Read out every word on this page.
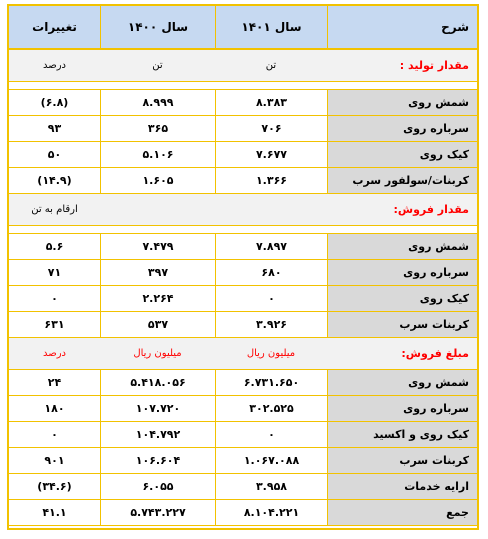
شرح	سال ۱۴۰۱	سال ۱۴۰۰	تغییرات
مقدار تولید :	تن	تن	درصد

شمش روی	۸.۳۸۳	۸.۹۹۹	(۶.۸)
سرباره روی	۷۰۶	۳۶۵	۹۳
کیک روی	۷.۶۷۷	۵.۱۰۶	۵۰
کربنات/سولفور سرب	۱.۳۶۶	۱.۶۰۵	(۱۴.۹)
مقدار فروش:			ارقام به تن

شمش روی	۷.۸۹۷	۷.۴۷۹	۵.۶
سرباره روی	۶۸۰	۳۹۷	۷۱
کیک روی	۰	۲.۲۶۴	۰
کربنات سرب	۳.۹۲۶	۵۳۷	۶۳۱
مبلغ فروش:	میلیون ریال	میلیون ریال	درصد
شمش روی	۶.۷۳۱.۶۵۰	۵.۴۱۸.۰۵۶	۲۴
سرباره روی	۳۰۲.۵۲۵	۱۰۷.۷۲۰	۱۸۰
کیک روی و اکسید	۰	۱۰۴.۷۹۲	۰
کربنات سرب	۱.۰۶۷.۰۸۸	۱۰۶.۶۰۴	۹۰۱
ارایه خدمات	۳.۹۵۸	۶.۰۵۵	(۳۴.۶)
جمع	۸.۱۰۴.۲۲۱	۵.۷۴۳.۲۲۷	۴۱.۱
